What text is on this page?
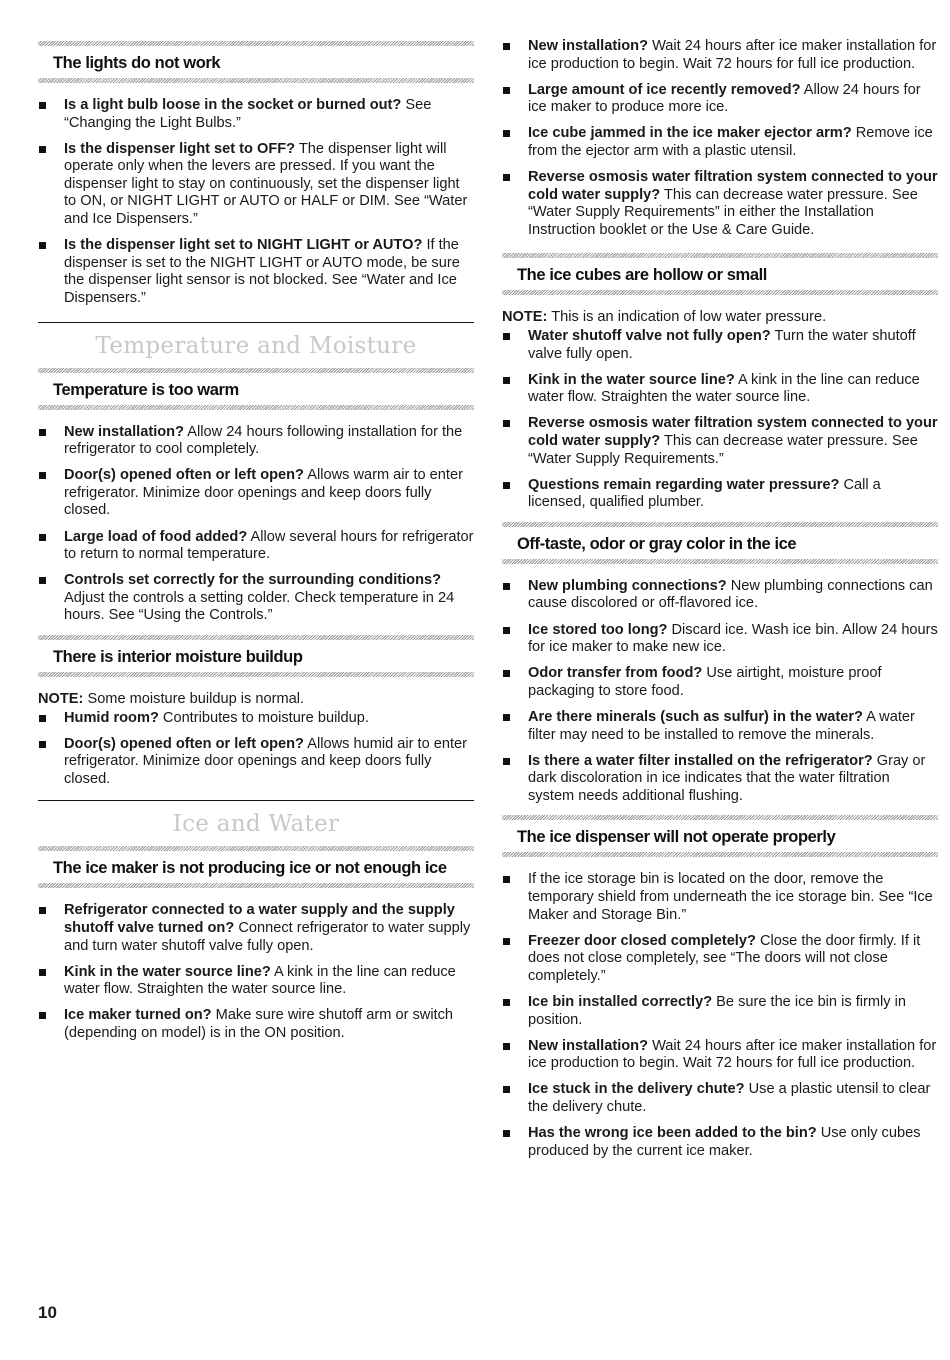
The lights do not work
Is a light bulb loose in the socket or burned out? See “Changing the Light Bulbs.”
Is the dispenser light set to OFF? The dispenser light will operate only when the levers are pressed. If you want the dispenser light to stay on continuously, set the dispenser light to ON, or NIGHT LIGHT or AUTO or HALF or DIM. See “Water and Ice Dispensers.”
Is the dispenser light set to NIGHT LIGHT or AUTO? If the dispenser is set to the NIGHT LIGHT or AUTO mode, be sure the dispenser light sensor is not blocked. See “Water and Ice Dispensers.”
Temperature and Moisture
Temperature is too warm
New installation? Allow 24 hours following installation for the refrigerator to cool completely.
Door(s) opened often or left open? Allows warm air to enter refrigerator. Minimize door openings and keep doors fully closed.
Large load of food added? Allow several hours for refrigerator to return to normal temperature.
Controls set correctly for the surrounding conditions? Adjust the controls a setting colder. Check temperature in 24 hours. See “Using the Controls.”
There is interior moisture buildup

NOTE: Some moisture buildup is normal.

Humid room? Contributes to moisture buildup.
Door(s) opened often or left open? Allows humid air to enter refrigerator. Minimize door openings and keep doors fully closed.
Ice and Water
The ice maker is not producing ice or not enough ice
Refrigerator connected to a water supply and the supply shutoff valve turned on? Connect refrigerator to water supply and turn water shutoff valve fully open.
Kink in the water source line? A kink in the line can reduce water flow. Straighten the water source line.
Ice maker turned on? Make sure wire shutoff arm or switch (depending on model) is in the ON position.
New installation? Wait 24 hours after ice maker installation for ice production to begin. Wait 72 hours for full ice production.
Large amount of ice recently removed? Allow 24 hours for ice maker to produce more ice.
Ice cube jammed in the ice maker ejector arm? Remove ice from the ejector arm with a plastic utensil.
Reverse osmosis water filtration system connected to your cold water supply? This can decrease water pressure. See “Water Supply Requirements” in either the Installation Instruction booklet or the Use & Care Guide.
The ice cubes are hollow or small

NOTE: This is an indication of low water pressure.

Water shutoff valve not fully open? Turn the water shutoff valve fully open.
Kink in the water source line? A kink in the line can reduce water flow. Straighten the water source line.
Reverse osmosis water filtration system connected to your cold water supply? This can decrease water pressure. See “Water Supply Requirements.”
Questions remain regarding water pressure? Call a licensed, qualified plumber.
Off-taste, odor or gray color in the ice
New plumbing connections? New plumbing connections can cause discolored or off-flavored ice.
Ice stored too long? Discard ice. Wash ice bin. Allow 24 hours for ice maker to make new ice.
Odor transfer from food? Use airtight, moisture proof packaging to store food.
Are there minerals (such as sulfur) in the water? A water filter may need to be installed to remove the minerals.
Is there a water filter installed on the refrigerator? Gray or dark discoloration in ice indicates that the water filtration system needs additional flushing.
The ice dispenser will not operate properly
If the ice storage bin is located on the door, remove the temporary shield from underneath the ice storage bin. See “Ice Maker and Storage Bin.”
Freezer door closed completely? Close the door firmly. If it does not close completely, see “The doors will not close completely.”
Ice bin installed correctly? Be sure the ice bin is firmly in position.
New installation? Wait 24 hours after ice maker installation for ice production to begin. Wait 72 hours for full ice production.
Ice stuck in the delivery chute? Use a plastic utensil to clear the delivery chute.
Has the wrong ice been added to the bin? Use only cubes produced by the current ice maker.
10
